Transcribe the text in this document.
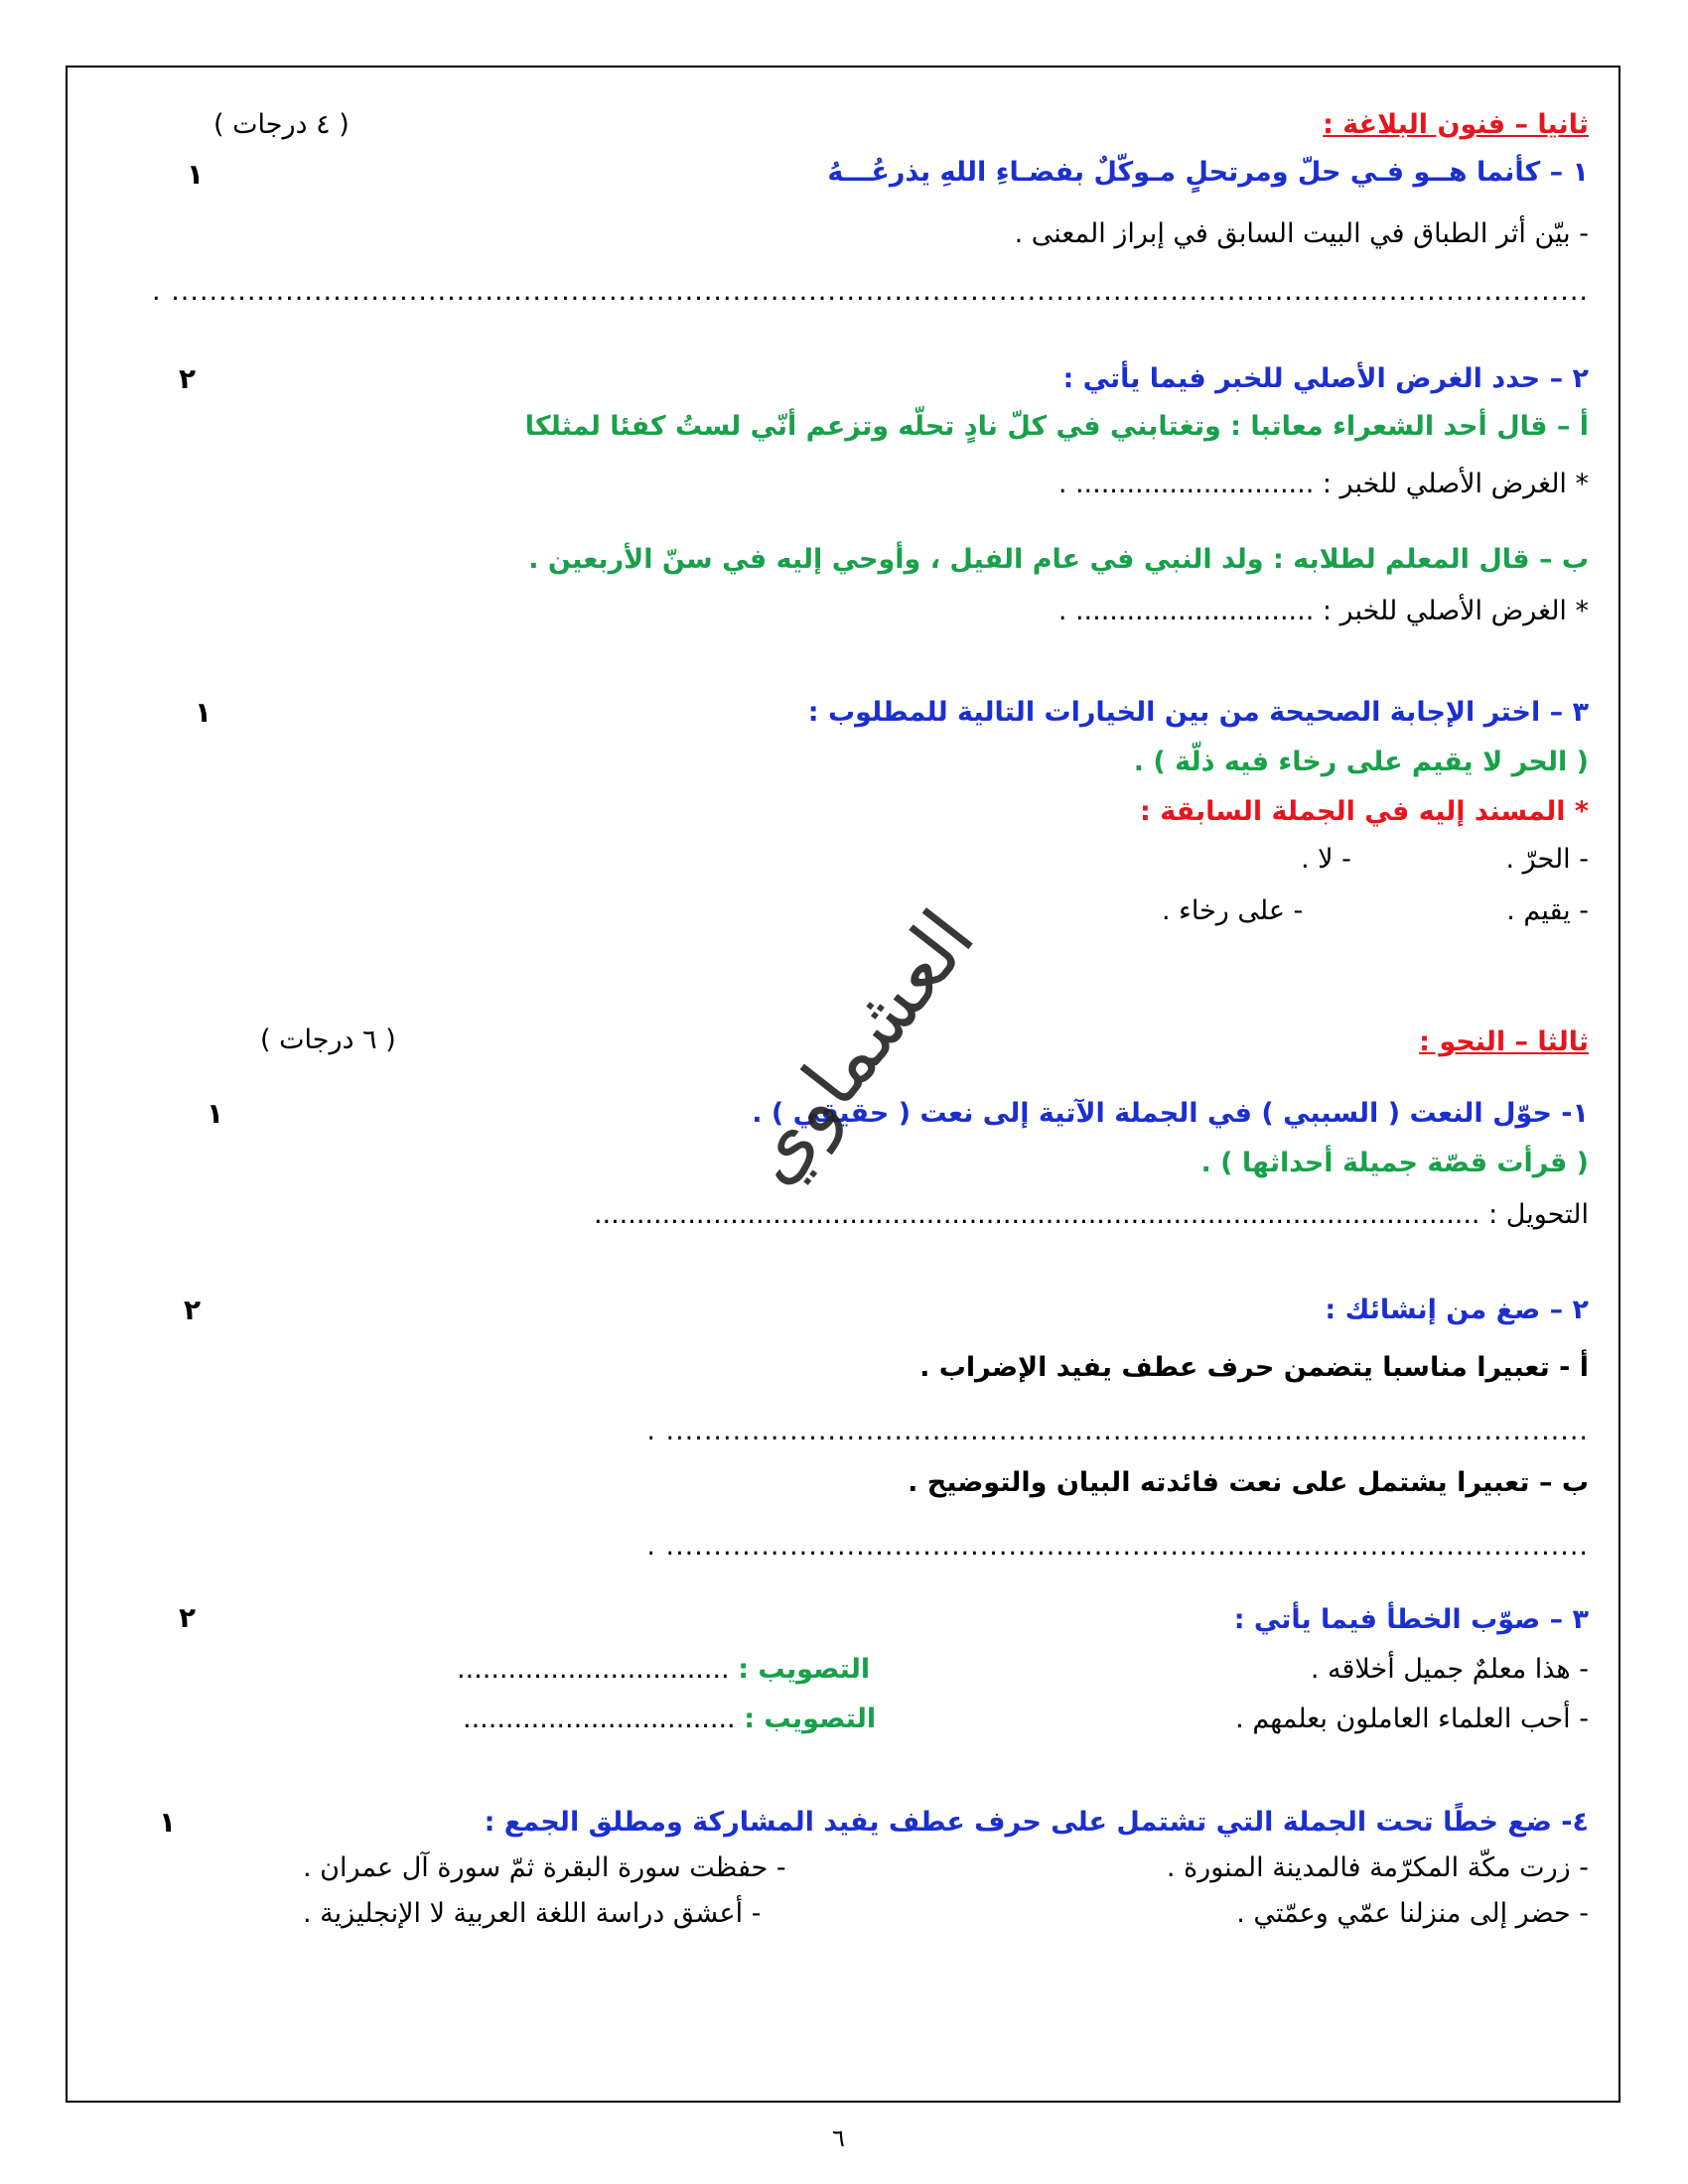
ثانيا – فنون البلاغة :
( ٤ درجات )
١ – كأنما هــو فـي حلّ ومرتحلٍ مـوكّلٌ بفضـاءِ اللهِ يذرعُـــهُ
١
- بيّن أثر الطباق في البيت السابق في إبراز المعنى .
. .....................................................................................................................................................
٢ – حدد الغرض الأصلي للخبر فيما يأتي :
٢
أ – قال أحد الشعراء معاتبا : وتغتابني في كلّ نادٍ تحلّه وتزعم أنّي لستُ كفئا لمثلكا
* الغرض الأصلي للخبر : ............................ .
ب – قال المعلم لطلابه : ولد النبي في عام الفيل ، وأوحي إليه في سنّ الأربعين .
* الغرض الأصلي للخبر : ............................ .
٣ – اختر الإجابة الصحيحة من بين الخيارات التالية للمطلوب :
١
( الحر لا يقيم على رخاء فيه ذلّة ) .
* المسند إليه في الجملة السابقة :
- الحرّ .
- لا .
- يقيم .
- على رخاء .
ثالثا – النحو :
( ٦ درجات )
١- حوّل النعت ( السببي ) في الجملة الآتية إلى نعت ( حقيقي ) .
١
( قرأت قصّة جميلة أحداثها ) .
التحويل : ........................................................................................................
٢ – صغ من إنشائك :
٢
أ - تعبيرا مناسبا يتضمن حرف عطف يفيد الإضراب .
. .................................................................................................
ب – تعبيرا يشتمل على نعت فائدته البيان والتوضيح .
. .................................................................................................
٣ – صوّب الخطأ فيما يأتي :
٢
- هذا معلمٌ جميل أخلاقه .
التصويب : ................................
- أحب العلماء العاملون بعلمهم .
التصويب : ................................
٤- ضع خطًا تحت الجملة التي تشتمل على حرف عطف يفيد المشاركة ومطلق الجمع :
١
- زرت مكّة المكرّمة فالمدينة المنورة .
- حفظت سورة البقرة ثمّ سورة آل عمران .
- حضر إلى منزلنا عمّي وعمّتي .
- أعشق دراسة اللغة العربية لا الإنجليزية .
العشماوي
٦
